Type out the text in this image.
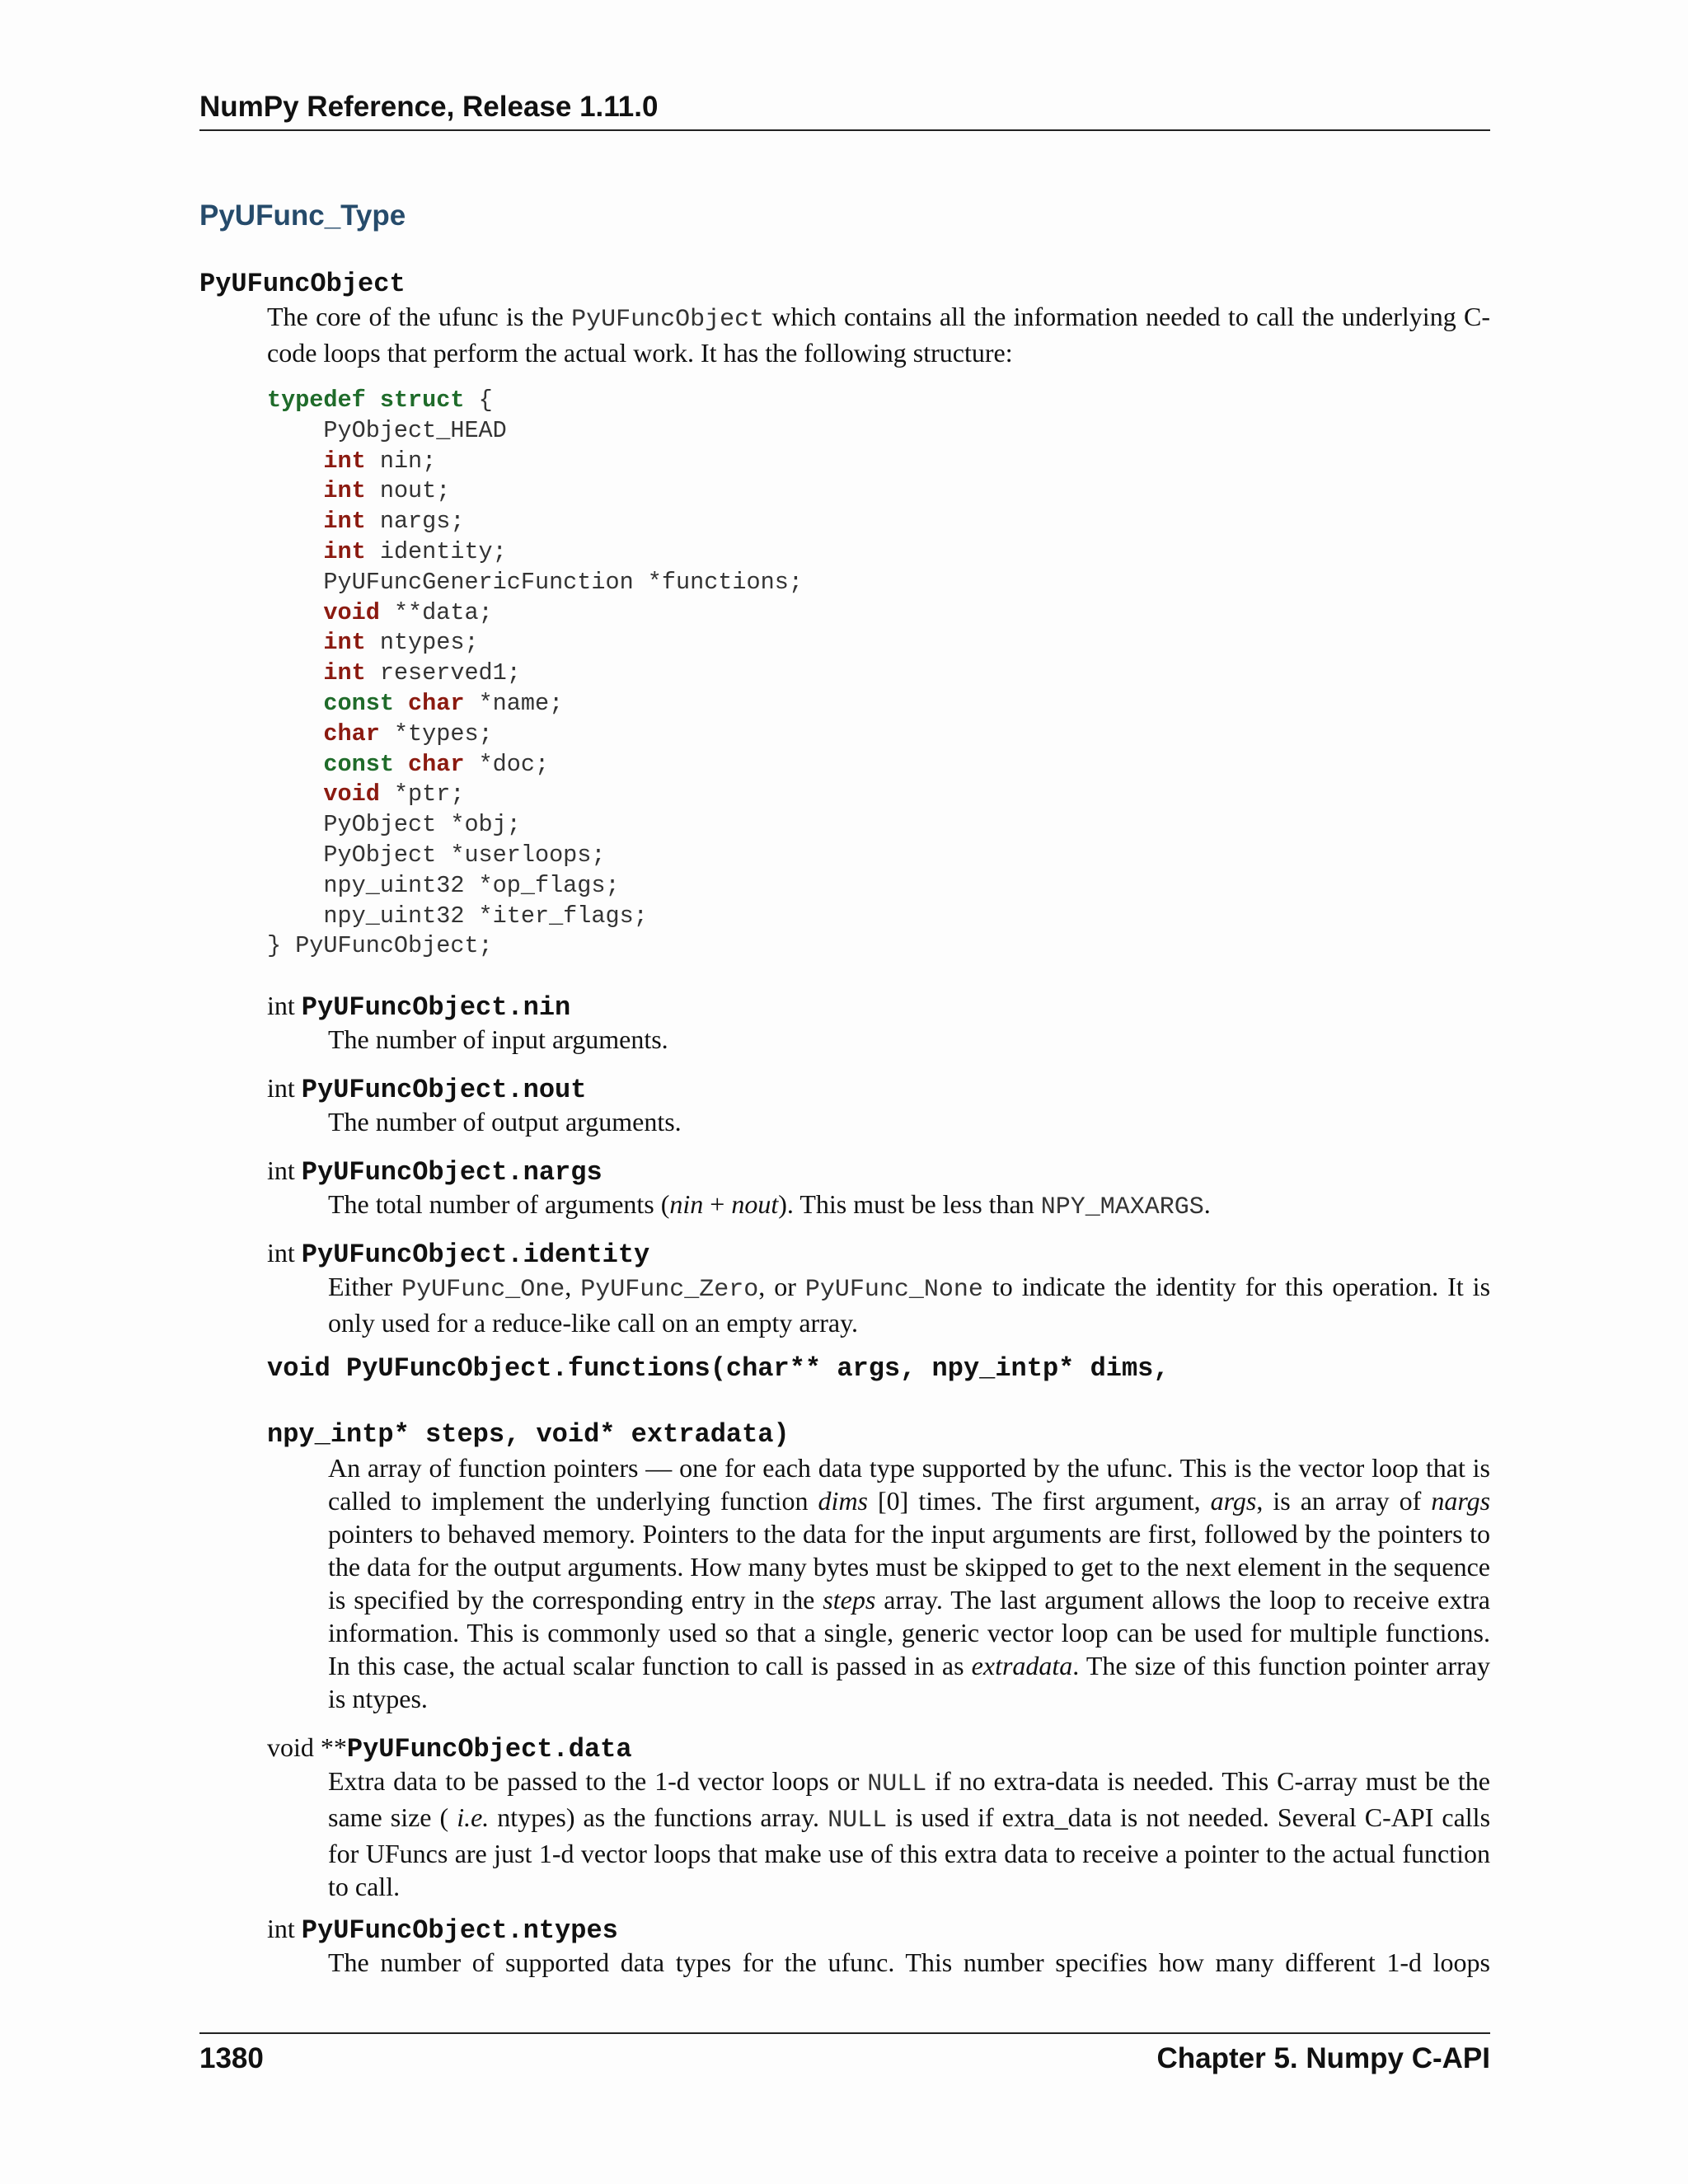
NumPy Reference, Release 1.11.0
PyUFunc_Type
PyUFuncObject
The core of the ufunc is the PyUFuncObject which contains all the information needed to call the underlying C-code loops that perform the actual work. It has the following structure:
typedef struct {
PyObject_HEAD
int nin;
int nout;
int nargs;
int identity;
PyUFuncGenericFunction *functions;
void **data;
int ntypes;
int reserved1;
const char *name;
char *types;
const char *doc;
void *ptr;
PyObject *obj;
PyObject *userloops;
npy_uint32 *op_flags;
npy_uint32 *iter_flags;
} PyUFuncObject;
int PyUFuncObject.nin
The number of input arguments.
int PyUFuncObject.nout
The number of output arguments.
int PyUFuncObject.nargs
The total number of arguments (nin + nout). This must be less than NPY_MAXARGS.
int PyUFuncObject.identity
Either PyUFunc_One, PyUFunc_Zero, or PyUFunc_None to indicate the identity for this operation. It is only used for a reduce-like call on an empty array.
void PyUFuncObject.functions(char** args, npy_intp* dims,
npy_intp* steps, void* extradata)
An array of function pointers — one for each data type supported by the ufunc. This is the vector loop that is called to implement the underlying function dims [0] times. The first argument, args, is an array of nargs pointers to behaved memory. Pointers to the data for the input arguments are first, followed by the pointers to the data for the output arguments. How many bytes must be skipped to get to the next element in the sequence is specified by the corresponding entry in the steps array. The last argument allows the loop to receive extra information. This is commonly used so that a single, generic vector loop can be used for multiple functions. In this case, the actual scalar function to call is passed in as extradata. The size of this function pointer array is ntypes.
void **PyUFuncObject.data
Extra data to be passed to the 1-d vector loops or NULL if no extra-data is needed. This C-array must be the same size ( i.e. ntypes) as the functions array. NULL is used if extra_data is not needed. Several C-API calls for UFuncs are just 1-d vector loops that make use of this extra data to receive a pointer to the actual function to call.
int PyUFuncObject.ntypes
The number of supported data types for the ufunc. This number specifies how many different 1-d loops
1380	Chapter 5. Numpy C-API
